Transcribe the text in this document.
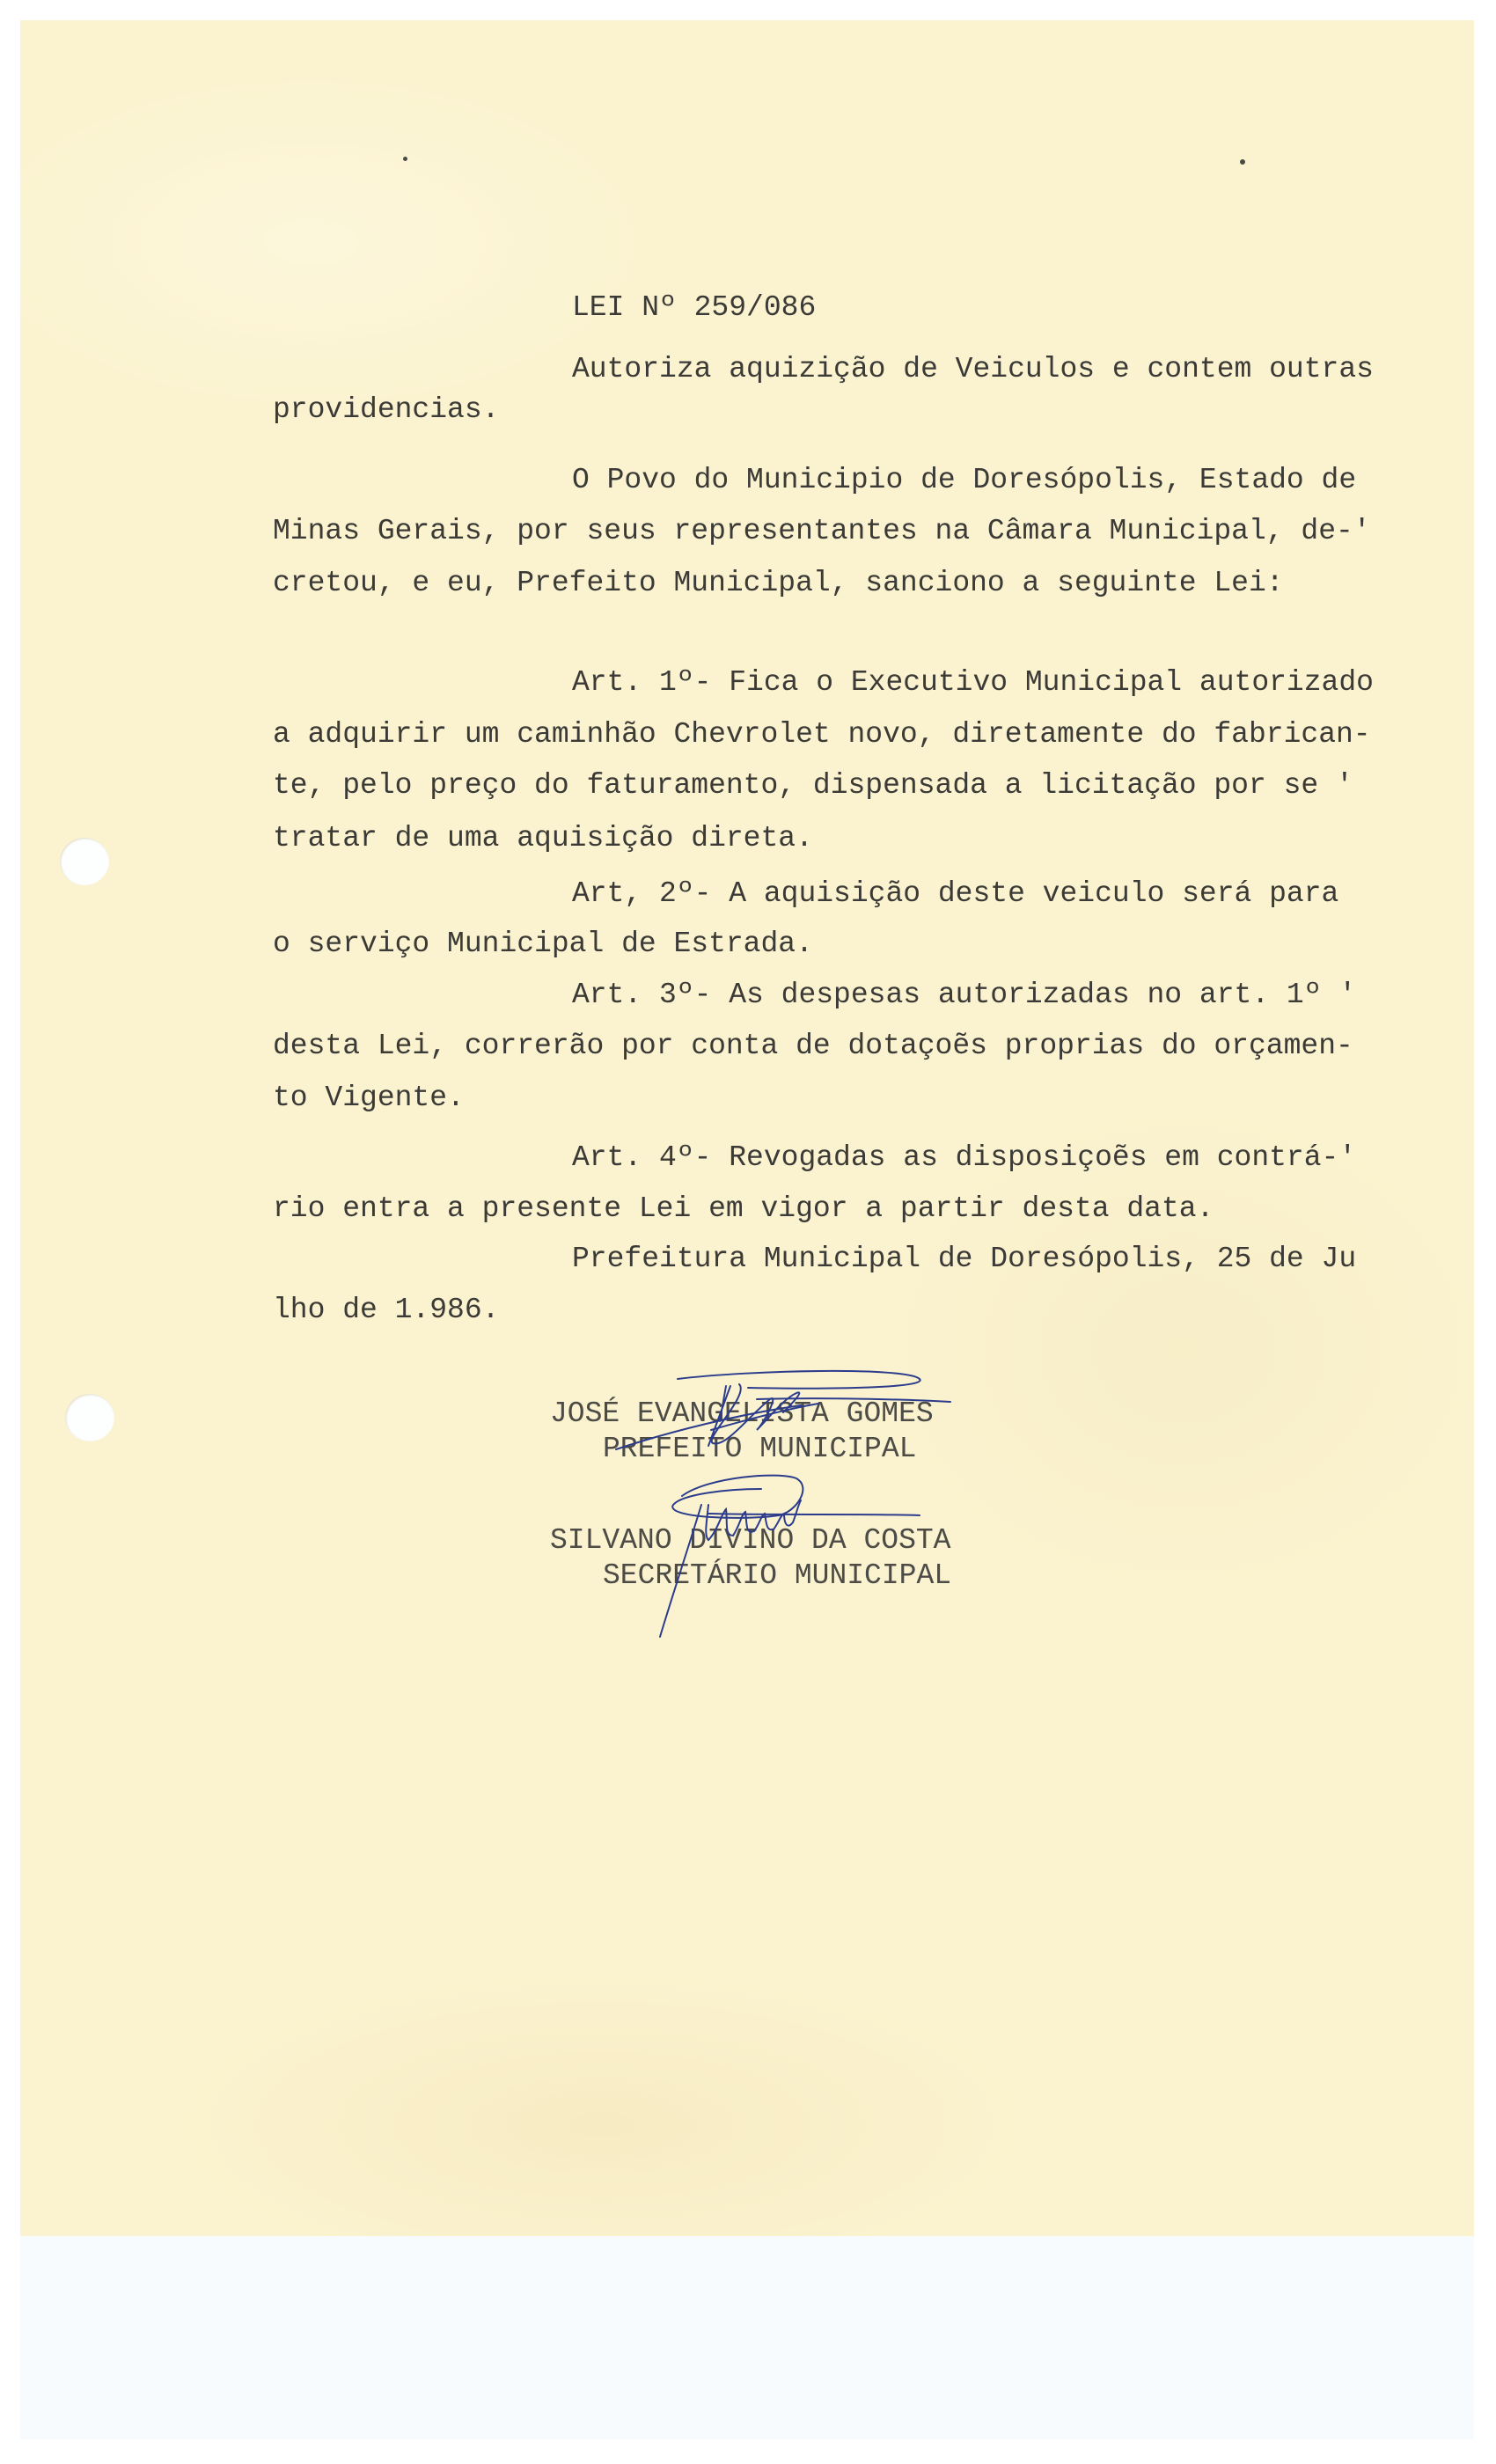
LEI Nº 259/086
Autoriza aquizição de Veiculos e contem outras
providencias.
O Povo do Municipio de Doresópolis, Estado de
Minas Gerais, por seus representantes na Câmara Municipal, de-'
cretou, e eu, Prefeito Municipal, sanciono a seguinte Lei:
Art. 1º- Fica o Executivo Municipal autorizado
a adquirir um caminhão Chevrolet novo, diretamente do fabrican-
te, pelo preço do faturamento, dispensada a licitação por se '
tratar de uma aquisição direta.
Art, 2º- A aquisição deste veiculo será para
o serviço Municipal de Estrada.
Art. 3º- As despesas autorizadas no art. 1º '
desta Lei, correrão por conta de dotaçoẽs proprias do orçamen-
to Vigente.
Art. 4º- Revogadas as disposiçoẽs em contrá-'
rio entra a presente Lei em vigor a partir desta data.
Prefeitura Municipal de Doresópolis, 25 de Ju
lho de 1.986.
JOSÉ EVANGELISTA GOMES
PREFEITO MUNICIPAL
SILVANO DIVINO DA COSTA
SECRETÁRIO MUNICIPAL
